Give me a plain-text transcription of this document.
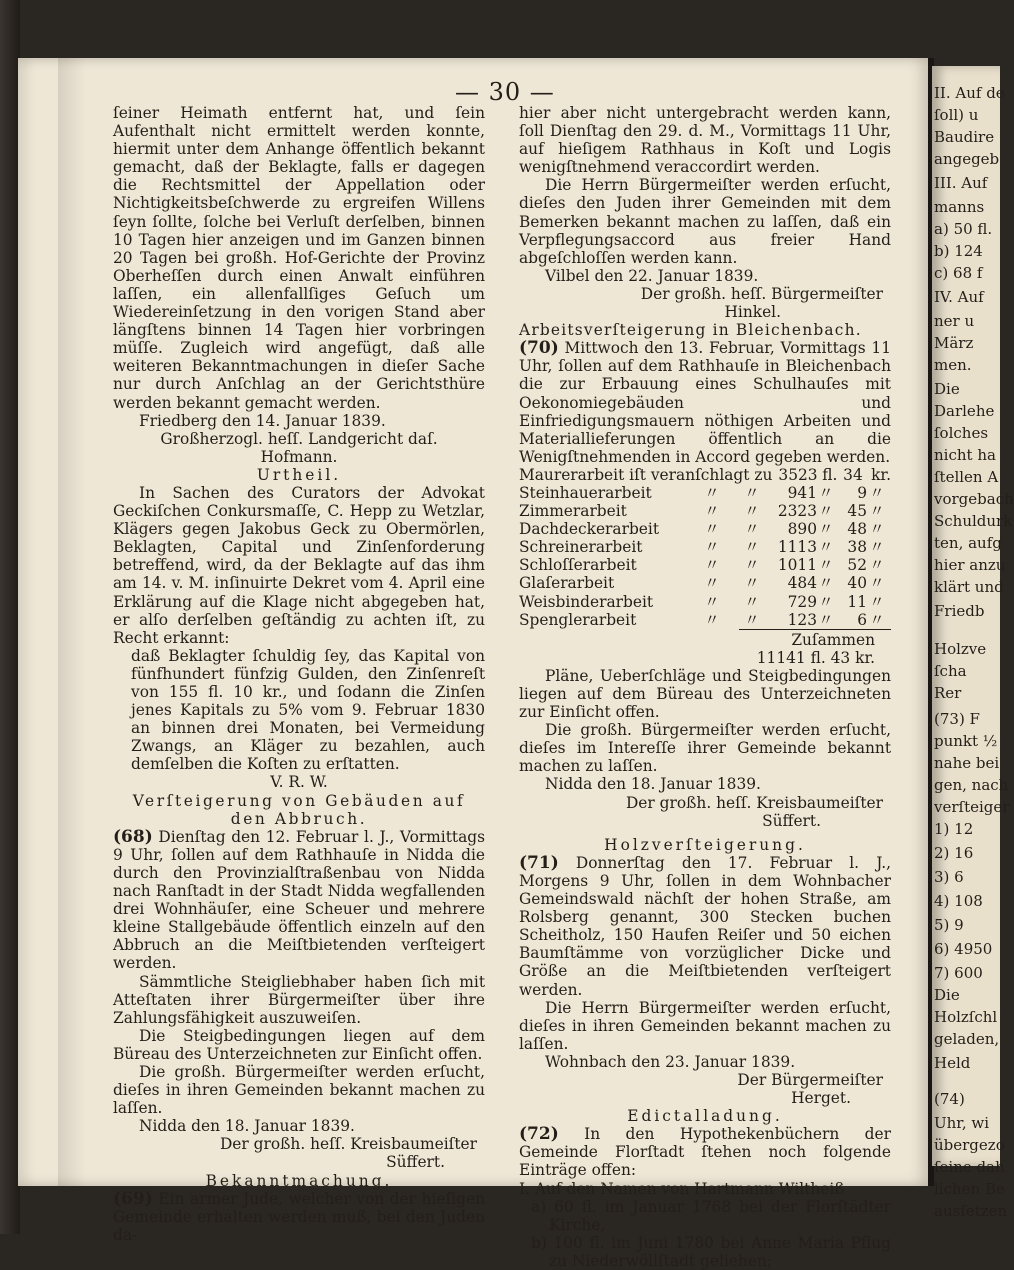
II. Auf de
ſoll) u
Baudire
angegeb
III. Auf
manns
a) 50 fl.
b) 124
c) 68 f
IV. Auf
ner u
März
men.
Die
Darlehe
ſolches
nicht ha
ſtellen A
vorgebach
Schuldurk
ten, aufg
hier anzu
klärt und
Friedb
Holzve
ſcha
Rer
(73) F
punkt ½
nahe bei
gen, nach
verſteiger
1) 12
2) 16
3) 6
4) 108
5) 9
6) 4950
7) 600
Die
Holzſchl
geladen,
Held
(74)
Uhr, wi
übergezo
ſeine dah
lichen Be
ausſetzen
— 30 —

ſeiner Heimath entfernt hat, und ſein Aufenthalt nicht ermittelt werden konnte, hiermit unter dem Anhange öffentlich bekannt gemacht, daß der Beklagte, falls er dagegen die Rechtsmittel der Appellation oder Nichtigkeitsbeſchwerde zu ergreifen Willens ſeyn ſollte, ſolche bei Verluſt derſelben, binnen 10 Tagen hier anzeigen und im Ganzen binnen 20 Tagen bei großh. Hof-Gerichte der Provinz Oberheſſen durch einen Anwalt einführen laſſen, ein allenfallſiges Geſuch um Wiedereinſetzung in den vorigen Stand aber längſtens binnen 14 Tagen hier vorbringen müſſe. Zugleich wird angefügt, daß alle weiteren Bekanntmachungen in dieſer Sache nur durch Anſchlag an der Gerichtsthüre werden bekannt gemacht werden.

Friedberg den 14. Januar 1839.

Großherzogl. heſſ. Landgericht daſ.

Hofmann.

Urtheil.

In Sachen des Curators der Advokat Geckiſchen Conkursmaſſe, C. Hepp zu Wetzlar, Klägers gegen Jakobus Geck zu Obermörlen, Beklagten, Capital und Zinſenforderung betreffend, wird, da der Beklagte auf das ihm am 14. v. M. inſinuirte Dekret vom 4. April eine Erklärung auf die Klage nicht abgegeben hat, er alſo derſelben geſtändig zu achten iſt, zu Recht erkannt:

daß Beklagter ſchuldig ſey, das Kapital von fünfhundert fünfzig Gulden, den Zinſenreſt von 155 fl. 10 kr., und ſodann die Zinſen jenes Kapitals zu 5% vom 9. Februar 1830 an binnen drei Monaten, bei Vermeidung Zwangs, an Kläger zu bezahlen, auch demſelben die Koſten zu erſtatten.

V. R. W.

Verſteigerung von Gebäuden auf den Abbruch.

(68) Dienſtag den 12. Februar l. J., Vormittags 9 Uhr, ſollen auf dem Rathhauſe in Nidda die durch den Provinzialſtraßenbau von Nidda nach Ranſtadt in der Stadt Nidda wegfallenden drei Wohnhäuſer, eine Scheuer und mehrere kleine Stallgebäude öffentlich einzeln auf den Abbruch an die Meiſtbietenden verſteigert werden.

Sämmtliche Steigliebhaber haben ſich mit Atteſtaten ihrer Bürgermeiſter über ihre Zahlungsfähigkeit auszuweiſen.

Die Steigbedingungen liegen auf dem Büreau des Unterzeichneten zur Einſicht offen.

Die großh. Bürgermeiſter werden erſucht, dieſes in ihren Gemeinden bekannt machen zu laſſen.

Nidda den 18. Januar 1839.

Der großh. heſſ. Kreisbaumeiſter

Süffert.

Bekanntmachung.

(69) Ein armer Jude, welcher von der hieſigen Gemeinde erhalten werden muß, bei den Juden da-

hier aber nicht untergebracht werden kann, ſoll Dienſtag den 29. d. M., Vormittags 11 Uhr, auf hieſigem Rathhaus in Koſt und Logis wenigſtnehmend veraccordirt werden.

Die Herrn Bürgermeiſter werden erſucht, dieſes den Juden ihrer Gemeinden mit dem Bemerken bekannt machen zu laſſen, daß ein Verpflegungsaccord aus freier Hand abgeſchloſſen werden kann.

Vilbel den 22. Januar 1839.

Der großh. heſſ. Bürgermeiſter

Hinkel.

Arbeitsverſteigerung in Bleichenbach.

(70) Mittwoch den 13. Februar, Vormittags 11 Uhr, ſollen auf dem Rathhauſe in Bleichenbach die zur Erbauung eines Schulhauſes mit Oekonomiegebäuden und Einfriedigungsmauern nöthigen Arbeiten und Materiallieferungen öffentlich an die Wenigſtnehmenden in Accord gegeben werden.

Maurerarbeit iſt veranſchlagt zu 3523 fl. 34 kr.
Steinhauerarbeit	〃	〃	941 〃	9 〃
Zimmerarbeit	〃	〃	2323 〃 45 〃
Dachdeckerarbeit	〃	〃	890 〃 48 〃
Schreinerarbeit	〃	〃	1113 〃 38 〃
Schloſſerarbeit	〃	〃	1011 〃 52 〃
Glaſerarbeit	〃	〃	484 〃 40 〃
Weisbinderarbeit	〃	〃	729 〃 11 〃
Spenglerarbeit	〃	〃	123 〃	6 〃

Zuſammen 11141 fl. 43 kr.

Pläne, Ueberſchläge und Steigbedingungen liegen auf dem Büreau des Unterzeichneten zur Einſicht offen.

Die großh. Bürgermeiſter werden erſucht, dieſes im Intereſſe ihrer Gemeinde bekannt machen zu laſſen.

Nidda den 18. Januar 1839.

Der großh. heſſ. Kreisbaumeiſter

Süffert.

Holzverſteigerung.

(71) Donnerſtag den 17. Februar l. J., Morgens 9 Uhr, ſollen in dem Wohnbacher Gemeindswald nächſt der hohen Straße, am Rolsberg genannt, 300 Stecken buchen Scheitholz, 150 Haufen Reiſer und 50 eichen Baumſtämme von vorzüglicher Dicke und Größe an die Meiſtbietenden verſteigert werden.

Die Herrn Bürgermeiſter werden erſucht, dieſes in ihren Gemeinden bekannt machen zu laſſen.

Wohnbach den 23. Januar 1839.

Der Bürgermeiſter

Herget.

Edictalladung.

(72) In den Hypothekenbüchern der Gemeinde Florſtadt ſtehen noch folgende Einträge offen:

I. Auf den Namen von Hartmann Wiltheiß

a) 60 fl. im Januar 1768 bei der Florſtädter Kirche,

b) 100 fl. im Juni 1780 bei Anne Maria Pflug zu Niederwöllſtadt geliehen;
